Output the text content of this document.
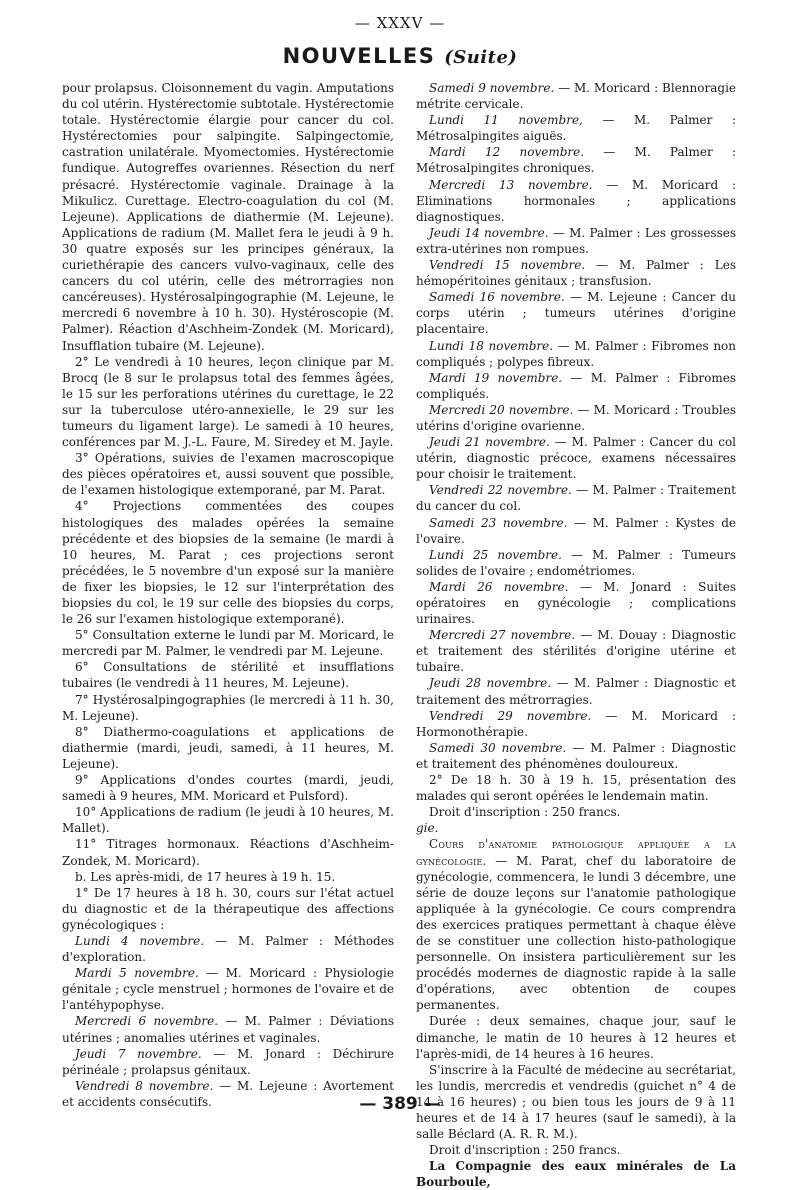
— XXXV —
NOUVELLES (Suite)

pour prolapsus. Cloisonnement du vagin. Amputations du col utérin. Hystérectomie subtotale. Hystérectomie totale. Hystérectomie élargie pour cancer du col. Hystérectomies pour salpingite. Salpingectomie, castration unilatérale. Myomectomies. Hystérectomie fundique. Autogreffes ovariennes. Résection du nerf présacré. Hystérectomie vaginale. Drainage à la Mikulicz. Curettage. Electro-coagulation du col (M. Lejeune). Applications de diathermie (M. Lejeune). Applications de radium (M. Mallet fera le jeudi à 9 h. 30 quatre exposés sur les principes généraux, la curiethérapie des cancers vulvo-vaginaux, celle des cancers du col utérin, celle des métrorragies non cancéreuses). Hystérosalpingographie (M. Lejeune, le mercredi 6 novembre à 10 h. 30). Hystéroscopie (M. Palmer). Réaction d'Aschheim-Zondek (M. Moricard), Insufflation tubaire (M. Lejeune).

2° Le vendredi à 10 heures, leçon clinique par M. Brocq (le 8 sur le prolapsus total des femmes âgées, le 15 sur les perforations utérines du curettage, le 22 sur la tuberculose utéro-annexielle, le 29 sur les tumeurs du ligament large). Le samedi à 10 heures, conférences par M. J.-L. Faure, M. Siredey et M. Jayle.

3° Opérations, suivies de l'examen macroscopique des pièces opératoires et, aussi souvent que possible, de l'examen histologique extemporané, par M. Parat.

4° Projections commentées des coupes histologiques des malades opérées la semaine précédente et des biopsies de la semaine (le mardi à 10 heures, M. Parat ; ces projections seront précédées, le 5 novembre d'un exposé sur la manière de fixer les biopsies, le 12 sur l'interprétation des biopsies du col, le 19 sur celle des biopsies du corps, le 26 sur l'examen histologique extemporané).

5° Consultation externe le lundi par M. Moricard, le mercredi par M. Palmer, le vendredi par M. Lejeune.

6° Consultations de stérilité et insufflations tubaires (le vendredi à 11 heures, M. Lejeune).

7° Hystérosalpingographies (le mercredi à 11 h. 30, M. Lejeune).

8° Diathermo-coagulations et applications de diathermie (mardi, jeudi, samedi, à 11 heures, M. Lejeune).

9° Applications d'ondes courtes (mardi, jeudi, samedi à 9 heures, MM. Moricard et Pulsford).

10° Applications de radium (le jeudi à 10 heures, M. Mallet).

11° Titrages hormonaux. Réactions d'Aschheim-Zondek, M. Moricard).

b. Les après-midi, de 17 heures à 19 h. 15.

1° De 17 heures à 18 h. 30, cours sur l'état actuel du diagnostic et de la thérapeutique des affections gynécologiques :

Lundi 4 novembre. — M. Palmer : Méthodes d'exploration.

Mardi 5 novembre. — M. Moricard : Physiologie génitale ; cycle menstruel ; hormones de l'ovaire et de l'antéhypophyse.

Mercredi 6 novembre. — M. Palmer : Déviations utérines ; anomalies utérines et vaginales.

Jeudi 7 novembre. — M. Jonard : Déchirure périnéale ; prolapsus génitaux.

Vendredi 8 novembre. — M. Lejeune : Avortement et accidents consécutifs.

Samedi 9 novembre. — M. Moricard : Blennoragie métrite cervicale.

Lundi 11 novembre, — M. Palmer : Métrosalpingites aiguës.

Mardi 12 novembre. — M. Palmer : Métrosalpingites chroniques.

Mercredi 13 novembre. — M. Moricard : Eliminations hormonales ; applications diagnostiques.

Jeudi 14 novembre. — M. Palmer : Les grossesses extra-utérines non rompues.

Vendredi 15 novembre. — M. Palmer : Les hémopéritoines génitaux ; transfusion.

Samedi 16 novembre. — M. Lejeune : Cancer du corps utérin ; tumeurs utérines d'origine placentaire.

Lundi 18 novembre. — M. Palmer : Fibromes non compliqués ; polypes fibreux.

Mardi 19 novembre. — M. Palmer : Fibromes compliqués.

Mercredi 20 novembre. — M. Moricard : Troubles utérins d'origine ovarienne.

Jeudi 21 novembre. — M. Palmer : Cancer du col utérin, diagnostic précoce, examens nécessaires pour choisir le traitement.

Vendredi 22 novembre. — M. Palmer : Traitement du cancer du col.

Samedi 23 novembre. — M. Palmer : Kystes de l'ovaire.

Lundi 25 novembre. — M. Palmer : Tumeurs solides de l'ovaire ; endométriomes.

Mardi 26 novembre. — M. Jonard : Suites opératoires en gynécologie ; complications urinaires.

Mercredi 27 novembre. — M. Douay : Diagnostic et traitement des stérilités d'origine utérine et tubaire.

Jeudi 28 novembre. — M. Palmer : Diagnostic et traitement des métrorragies.

Vendredi 29 novembre. — M. Moricard : Hormonothérapie.

Samedi 30 novembre. — M. Palmer : Diagnostic et traitement des phénomènes douloureux.

2° De 18 h. 30 à 19 h. 15, présentation des malades qui seront opérées le lendemain matin.

Droit d'inscription : 250 francs.

gie.

Cours d'anatomie pathologique appliquée a la gynécologie. — M. Parat, chef du laboratoire de gynécologie, commencera, le lundi 3 décembre, une série de douze leçons sur l'anatomie pathologique appliquée à la gynécologie. Ce cours comprendra des exercices pratiques permettant à chaque élève de se constituer une collection histo-pathologique personnelle. On insistera particulièrement sur les procédés modernes de diagnostic rapide à la salle d'opérations, avec obtention de coupes permanentes.

Durée : deux semaines, chaque jour, sauf le dimanche, le matin de 10 heures à 12 heures et l'après-midi, de 14 heures à 16 heures.

S'inscrire à la Faculté de médecine au secrétariat, les lundis, mercredis et vendredis (guichet n° 4 de 14 à 16 heures) ; ou bien tous les jours de 9 à 11 heures et de 14 à 17 heures (sauf le samedi), à la salle Béclard (A. R. R. M.).

Droit d'inscription : 250 francs.

La Compagnie des eaux minérales de La Bourboule,

— 389 —
